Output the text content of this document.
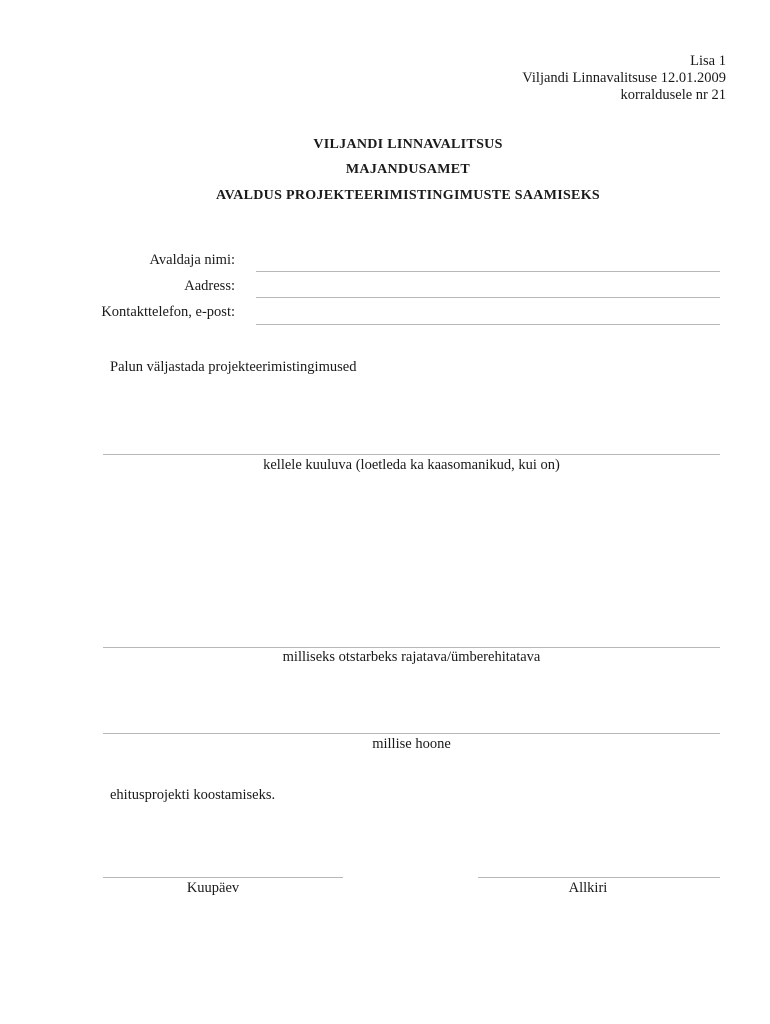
Lisa 1
Viljandi Linnavalitsuse 12.01.2009
korraldusele nr 21
VILJANDI LINNAVALITSUS
MAJANDUSAMET
AVALDUS PROJEKTEERIMISTINGIMUSTE SAAMISEKS
Avaldaja nimi:
Aadress:
Kontakttelefon, e-post:
Palun väljastada projekteerimistingimused
kellele kuuluva (loetleda ka kaasomanikud, kui on)
milliseks otstarbeks rajatava/ümberehitatava
millise hoone
ehitusprojekti koostamiseks.
Kuupäev	Allkiri
